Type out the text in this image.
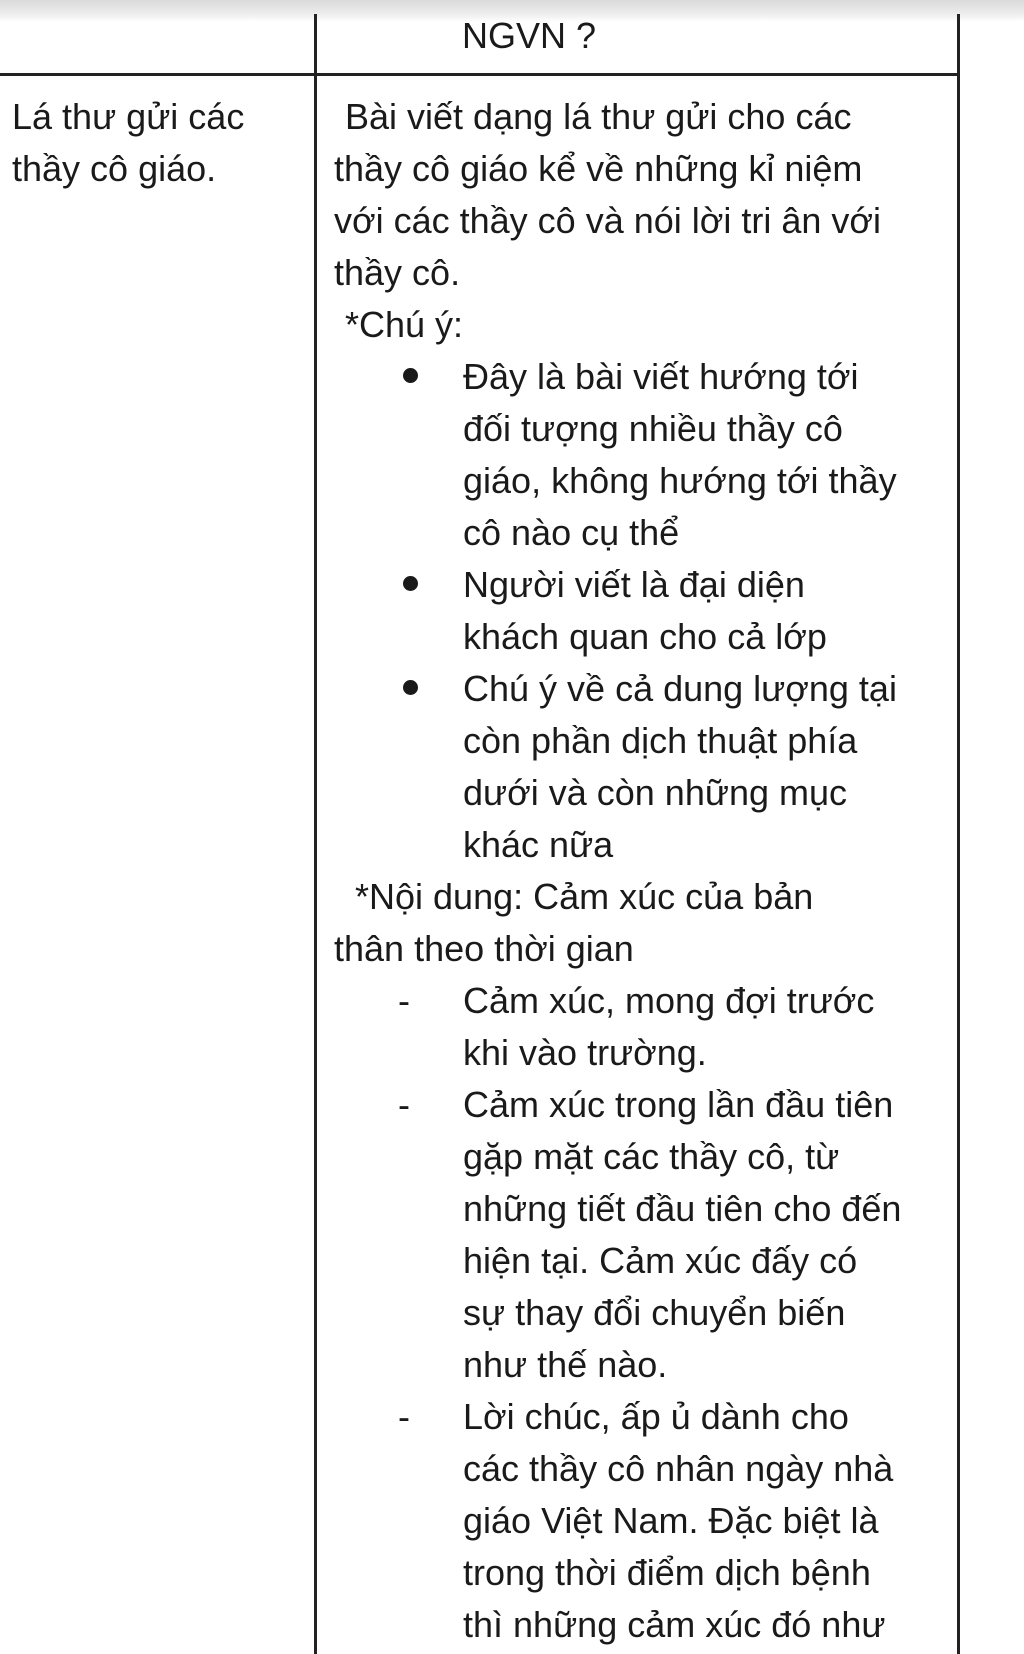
NGVN ?
Lá thư gửi các
thầy cô giáo.
Bài viết dạng lá thư gửi cho các
thầy cô giáo kể về những kỉ niệm
với các thầy cô và nói lời tri ân với
thầy cô.
*Chú ý:
Đây là bài viết hướng tới
đối tượng nhiều thầy cô
giáo, không hướng tới thầy
cô nào cụ thể
Người viết là đại diện
khách quan cho cả lớp
Chú ý về cả dung lượng tại
còn phần dịch thuật phía
dưới và còn những mục
khác nữa
*Nội dung: Cảm xúc của bản
thân theo thời gian
- Cảm xúc, mong đợi trước
khi vào trường.
- Cảm xúc trong lần đầu tiên
gặp mặt các thầy cô, từ
những tiết đầu tiên cho đến
hiện tại. Cảm xúc đấy có
sự thay đổi chuyển biến
như thế nào.
- Lời chúc, ấp ủ dành cho
các thầy cô nhân ngày nhà
giáo Việt Nam. Đặc biệt là
trong thời điểm dịch bệnh
thì những cảm xúc đó như
